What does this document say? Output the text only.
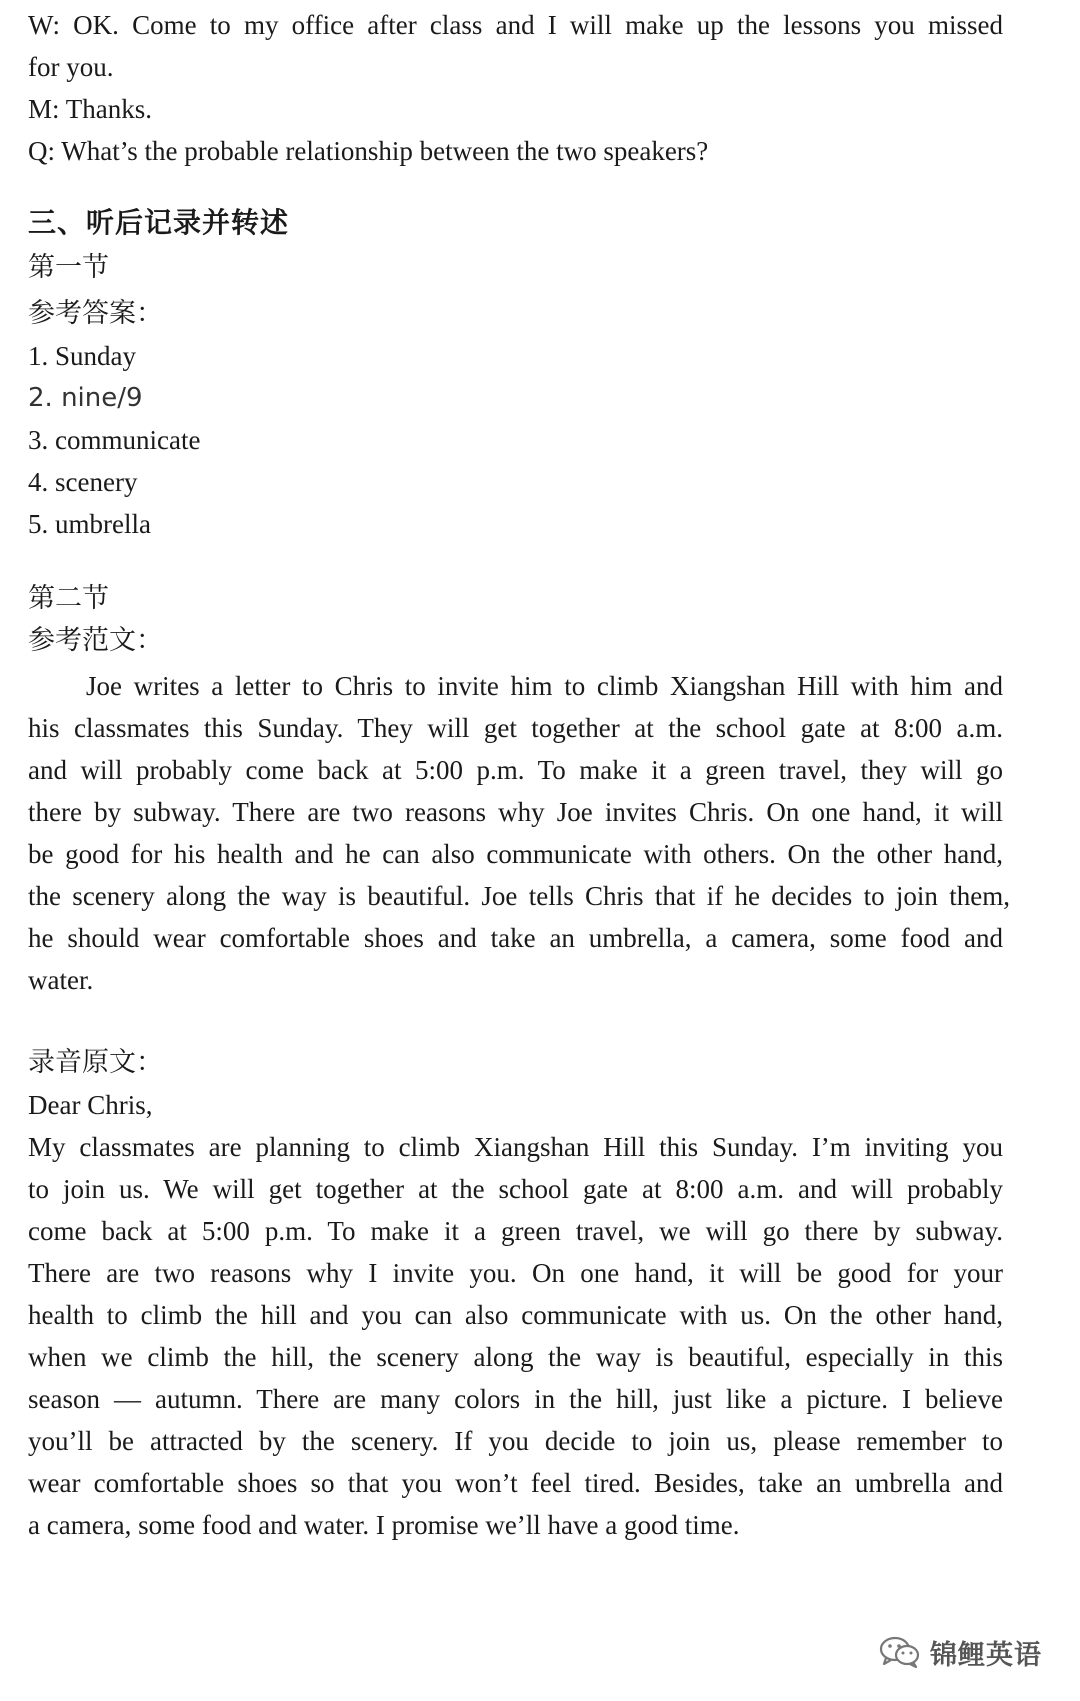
W: OK. Come to my office after class and I will make up the lessons you missed
for you.
M: Thanks.
Q: What’s the probable relationship between the two speakers?
三、听后记录并转述
第一节
参考答案：
1. Sunday
2. nine/9
3. communicate
4. scenery
5. umbrella
第二节
参考范文：
Joe writes a letter to Chris to invite him to climb Xiangshan Hill with him and
his classmates this Sunday. They will get together at the school gate at 8:00 a.m.
and will probably come back at 5:00 p.m. To make it a green travel, they will go
there by subway. There are two reasons why Joe invites Chris. On one hand, it will
be good for his health and he can also communicate with others. On the other hand,
the scenery along the way is beautiful. Joe tells Chris that if he decides to join them,
he should wear comfortable shoes and take an umbrella, a camera, some food and
water.
录音原文：
Dear Chris,
My classmates are planning to climb Xiangshan Hill this Sunday. I’m inviting you
to join us. We will get together at the school gate at 8:00 a.m. and will probably
come back at 5:00 p.m. To make it a green travel, we will go there by subway.
There are two reasons why I invite you. On one hand, it will be good for your
health to climb the hill and you can also communicate with us. On the other hand,
when we climb the hill, the scenery along the way is beautiful, especially in this
season — autumn. There are many colors in the hill, just like a picture. I believe
you’ll be attracted by the scenery. If you decide to join us, please remember to
wear comfortable shoes so that you won’t feel tired. Besides, take an umbrella and
a camera, some food and water. I promise we’ll have a good time.
锦鲤英语
